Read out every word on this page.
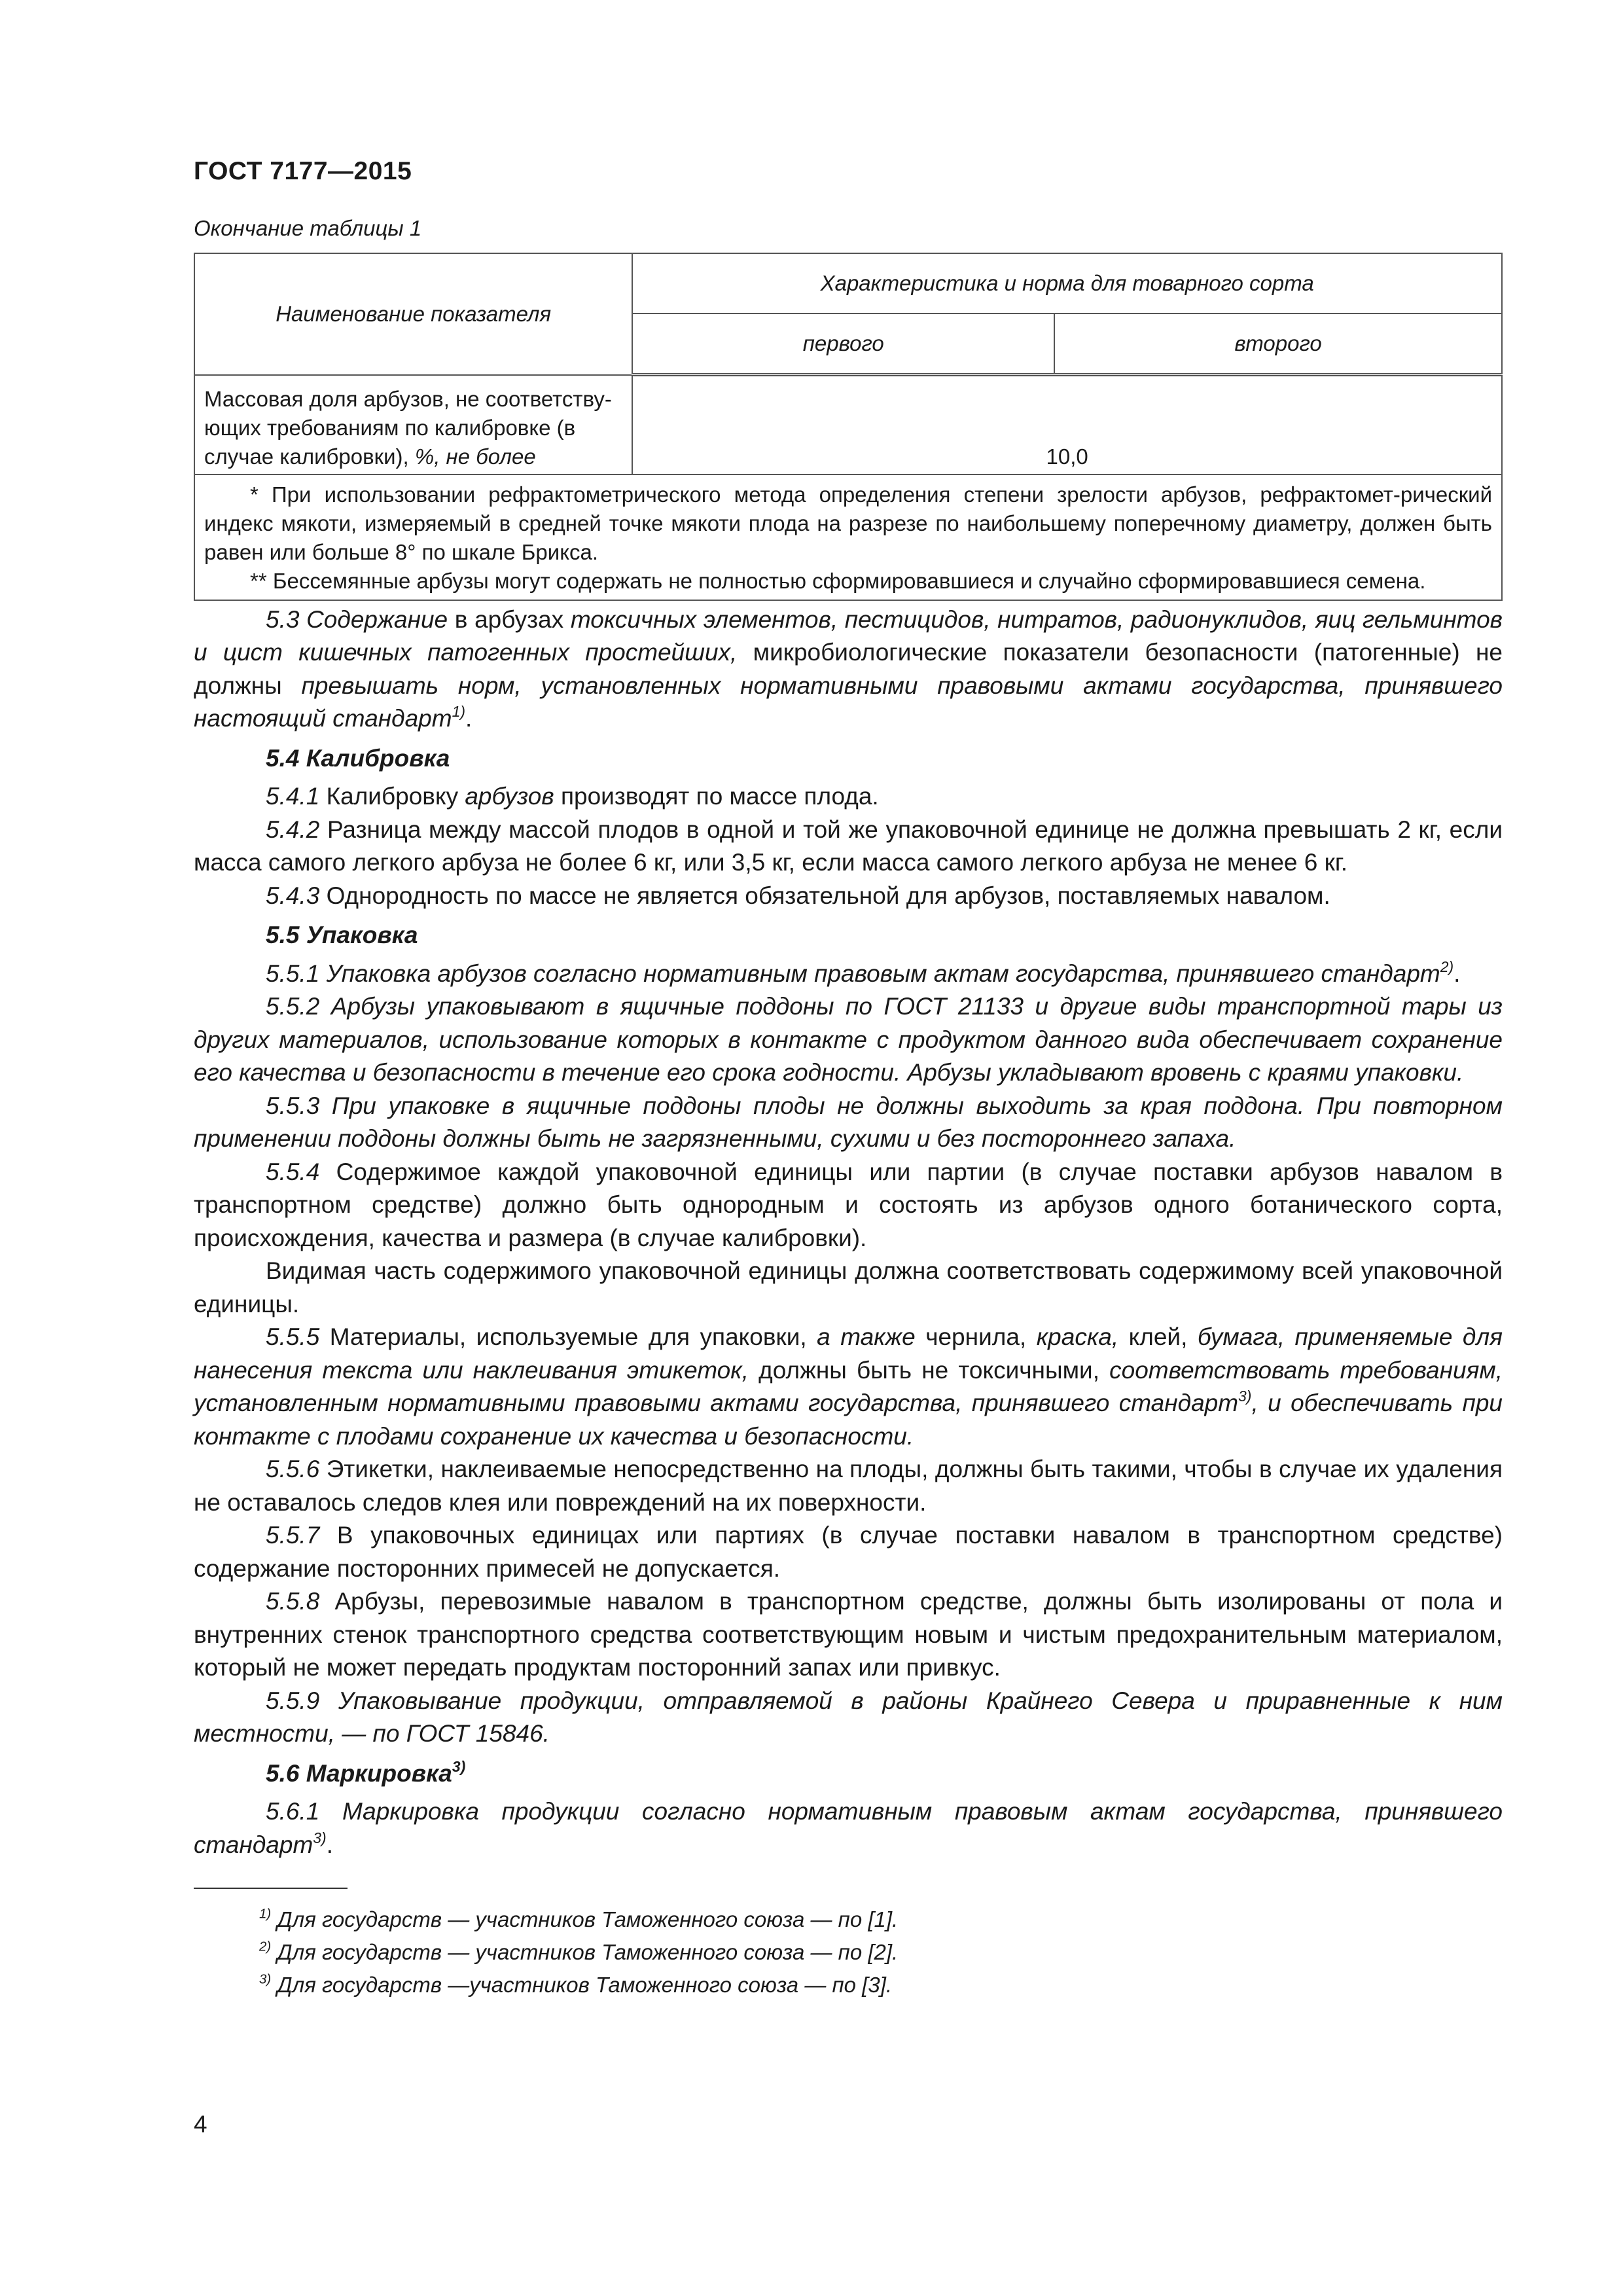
ГОСТ 7177—2015
Окончание таблицы 1
Наименование показателя	Характеристика и норма для товарного сорта	
	первого	второго
Массовая доля арбузов, не соответству-ющих требованиям по калибровке (в случае калибровки), %, не более	10,0	

* При использовании рефрактометрического метода определения степени зрелости арбузов, рефрактомет-рический индекс мякоти, измеряемый в средней точке мякоти плода на разрезе по наибольшему поперечному диаметру, должен быть равен или больше 8° по шкале Брикса.

** Бессемянные арбузы могут содержать не полностью сформировавшиеся и случайно сформировавшиеся семена.		

5.3 Содержание в арбузах токсичных элементов, пестицидов, нитратов, радионуклидов, яиц гельминтов и цист кишечных патогенных простейших, микробиологические показатели безопасности (патогенные) не должны превышать норм, установленных нормативными правовыми актами государства, принявшего настоящий стандарт$^{1)}$.

5.4 Калибровка

5.4.1 Калибровку арбузов производят по массе плода.

5.4.2 Разница между массой плодов в одной и той же упаковочной единице не должна превышать 2 кг, если масса самого легкого арбуза не более 6 кг, или 3,5 кг, если масса самого легкого арбуза не менее 6 кг.

5.4.3 Однородность по массе не является обязательной для арбузов, поставляемых навалом.

5.5 Упаковка

5.5.1 Упаковка арбузов согласно нормативным правовым актам государства, принявшего стандарт$^{2)}$.

5.5.2 Арбузы упаковывают в ящичные поддоны по ГОСТ 21133 и другие виды транспортной тары из других материалов, использование которых в контакте с продуктом данного вида обеспечивает сохранение его качества и безопасности в течение его срока годности. Арбузы укладывают вровень с краями упаковки.

5.5.3 При упаковке в ящичные поддоны плоды не должны выходить за края поддона. При повторном применении поддоны должны быть не загрязненными, сухими и без постороннего запаха.

5.5.4 Содержимое каждой упаковочной единицы или партии (в случае поставки арбузов навалом в транспортном средстве) должно быть однородным и состоять из арбузов одного ботанического сорта, происхождения, качества и размера (в случае калибровки).

Видимая часть содержимого упаковочной единицы должна соответствовать содержимому всей упаковочной единицы.

5.5.5 Материалы, используемые для упаковки, а также чернила, краска, клей, бумага, применяемые для нанесения текста или наклеивания этикеток, должны быть не токсичными, соответствовать требованиям, установленным нормативными правовыми актами государства, принявшего стандарт$^{3)}$, и обеспечивать при контакте с плодами сохранение их качества и безопасности.

5.5.6 Этикетки, наклеиваемые непосредственно на плоды, должны быть такими, чтобы в случае их удаления не оставалось следов клея или повреждений на их поверхности.

5.5.7 В упаковочных единицах или партиях (в случае поставки навалом в транспортном средстве) содержание посторонних примесей не допускается.

5.5.8 Арбузы, перевозимые навалом в транспортном средстве, должны быть изолированы от пола и внутренних стенок транспортного средства соответствующим новым и чистым предохранительным материалом, который не может передать продуктам посторонний запах или привкус.

5.5.9 Упаковывание продукции, отправляемой в районы Крайнего Севера и приравненные к ним местности, — по ГОСТ 15846.

5.6 Маркировка$^{3)}$

5.6.1 Маркировка продукции согласно нормативным правовым актам государства, принявшего стандарт$^{3)}$.

$^{1)}$ Для государств — участников Таможенного союза — по [1].

$^{2)}$ Для государств — участников Таможенного союза — по [2].

$^{3)}$ Для государств —участников Таможенного союза — по [3].

4
